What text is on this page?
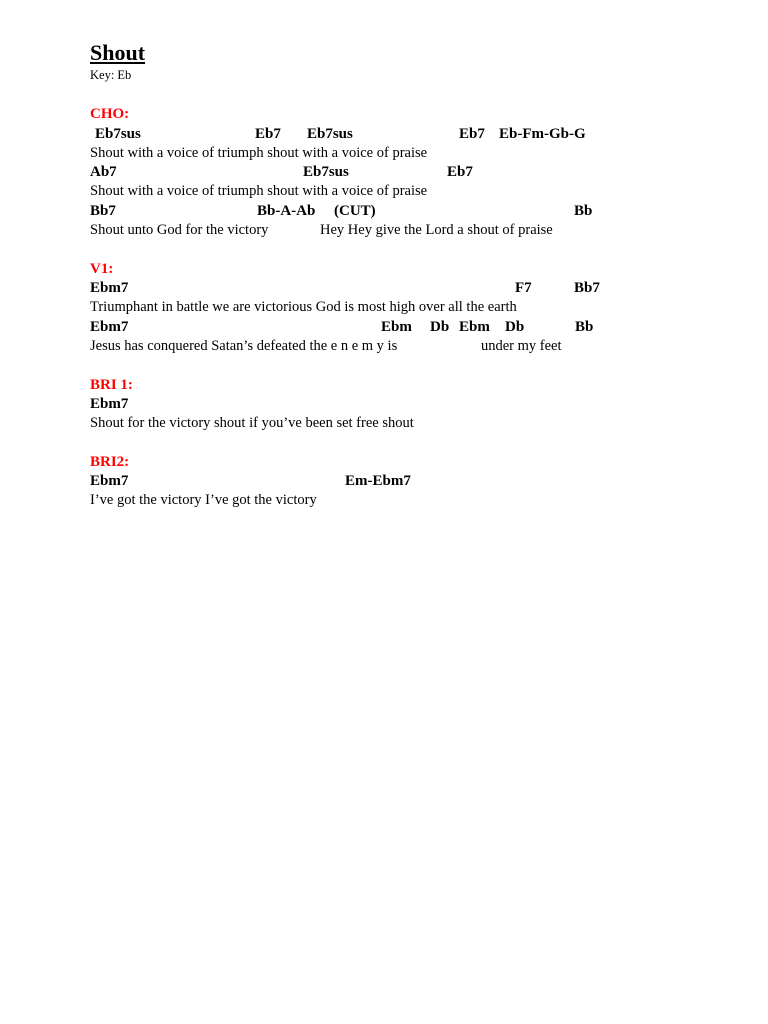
Shout
Key: Eb
CHO:
Eb7sus	Eb7 Eb7sus	Eb7 Eb-Fm-Gb-G
Shout with a voice of triumph shout with a voice of praise
Ab7	Eb7sus	Eb7
Shout with a voice of triumph shout with a voice of praise
Bb7	Bb-A-Ab (CUT)	Bb
Shout unto God for the victory	Hey Hey give the Lord a shout of praise
V1:
Ebm7	F7	Bb7
Triumphant in battle we are victorious God is most high over all the earth
Ebm7	Ebm Db Ebm Db	Bb
Jesus has conquered Satan’s defeated the e n e m y is	under my feet
BRI 1:
Ebm7
Shout for the victory shout if you’ve been set free shout
BRI2:
Ebm7	Em-Ebm7
I’ve got the victory I’ve got the victory
